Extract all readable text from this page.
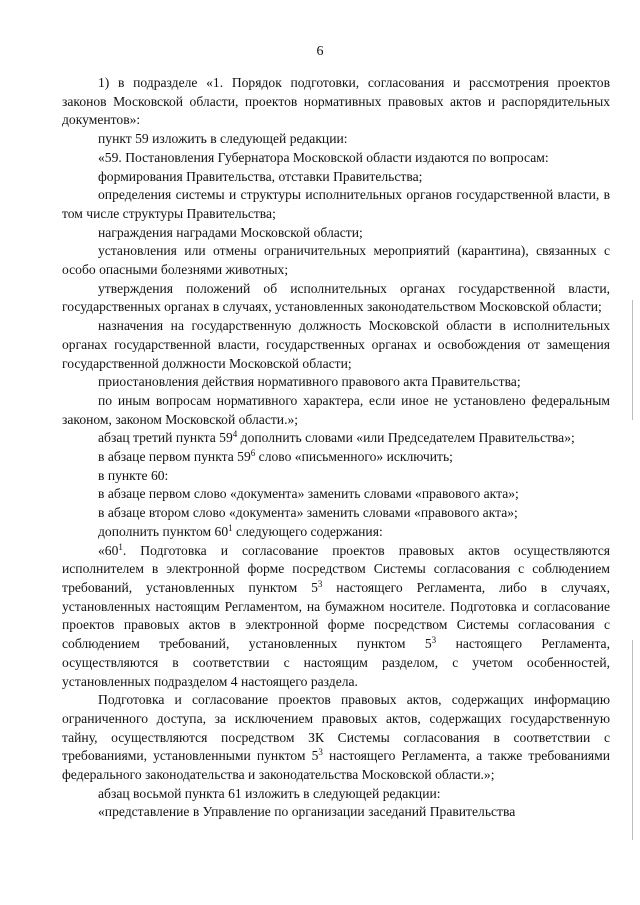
6

1) в подразделе «1. Порядок подготовки, согласования и рассмотрения проектов законов Московской области, проектов нормативных правовых актов и распорядительных документов»:

пункт 59 изложить в следующей редакции:

«59. Постановления Губернатора Московской области издаются по вопросам:

формирования Правительства, отставки Правительства;

определения системы и структуры исполнительных органов государственной власти, в том числе структуры Правительства;

награждения наградами Московской области;

установления или отмены ограничительных мероприятий (карантина), связанных с особо опасными болезнями животных;

утверждения положений об исполнительных органах государственной власти, государственных органах в случаях, установленных законодательством Московской области;

назначения на государственную должность Московской области в исполнительных органах государственной власти, государственных органах и освобождения от замещения государственной должности Московской области;

приостановления действия нормативного правового акта Правительства;

по иным вопросам нормативного характера, если иное не установлено федеральным законом, законом Московской области.»;

абзац третий пункта $59^4$ дополнить словами «или Председателем Правительства»;

в абзаце первом пункта $59^6$ слово «письменного» исключить;

в пункте 60:

в абзаце первом слово «документа» заменить словами «правового акта»;

в абзаце втором слово «документа» заменить словами «правового акта»;

дополнить пунктом $60^1$ следующего содержания:

«$60^1$. Подготовка и согласование проектов правовых актов осуществляются исполнителем в электронной форме посредством Системы согласования с соблюдением требований, установленных пунктом $5^3$ настоящего Регламента, либо в случаях, установленных настоящим Регламентом, на бумажном носителе. Подготовка и согласование проектов правовых актов в электронной форме посредством Системы согласования с соблюдением требований, установленных пунктом $5^3$ настоящего Регламента, осуществляются в соответствии с настоящим разделом, с учетом особенностей, установленных подразделом 4 настоящего раздела.

Подготовка и согласование проектов правовых актов, содержащих информацию ограниченного доступа, за исключением правовых актов, содержащих государственную тайну, осуществляются посредством ЗК Системы согласования в соответствии с требованиями, установленными пунктом $5^3$ настоящего Регламента, а также требованиями федерального законодательства и законодательства Московской области.»;

абзац восьмой пункта 61 изложить в следующей редакции:

«представление в Управление по организации заседаний Правительства
